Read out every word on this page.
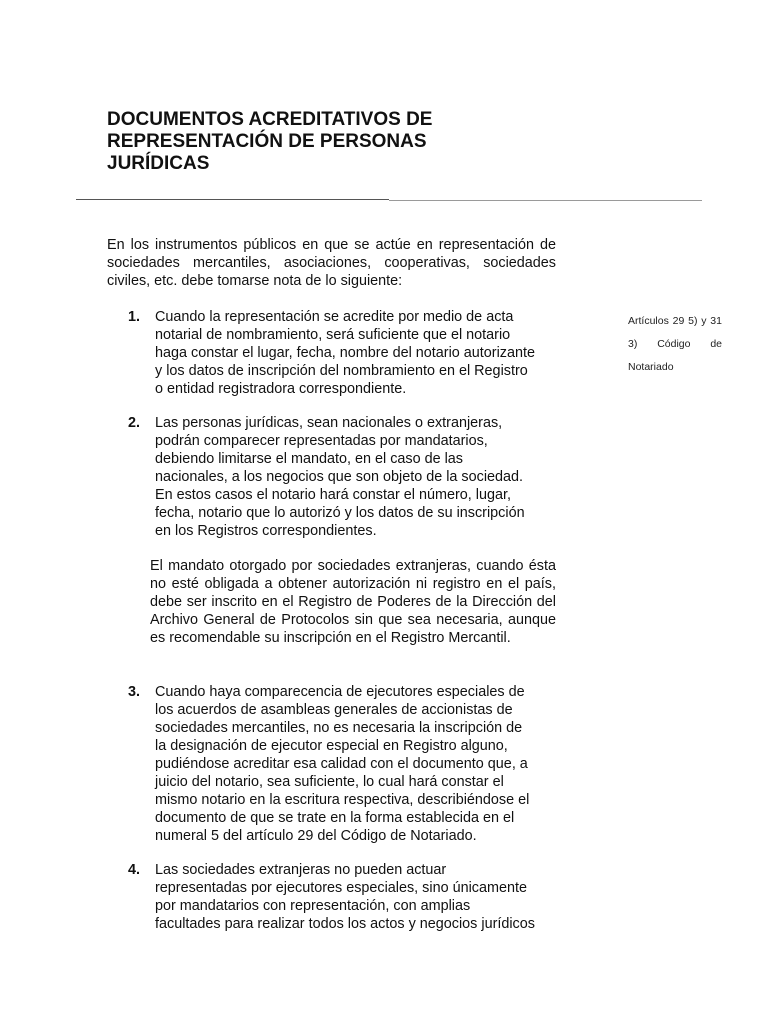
DOCUMENTOS ACREDITATIVOS DE
REPRESENTACIÓN DE PERSONAS
JURÍDICAS

En los instrumentos públicos en que se actúe en representación de sociedades mercantiles, asociaciones, cooperativas, sociedades civiles, etc. debe tomarse nota de lo siguiente:

1. Cuando la representación se acredite por medio de acta
notarial de nombramiento, será suficiente que el notario
haga constar el lugar, fecha, nombre del notario autorizante
y los datos de inscripción del nombramiento en el Registro
o entidad registradora correspondiente.

Artículos 29 5) y 31 3) Código de Notariado

2. Las personas jurídicas, sean nacionales o extranjeras,
podrán comparecer representadas por mandatarios,
debiendo limitarse el mandato, en el caso de las
nacionales, a los negocios que son objeto de la sociedad.
En estos casos el notario hará constar el número, lugar,
fecha, notario que lo autorizó y los datos de su inscripción
en los Registros correspondientes.

El mandato otorgado por sociedades extranjeras, cuando ésta no esté obligada a obtener autorización ni registro en el país, debe ser inscrito en el Registro de Poderes de la Dirección del Archivo General de Protocolos sin que sea necesaria, aunque es recomendable su inscripción en el Registro Mercantil.

3. Cuando haya comparecencia de ejecutores especiales de
los acuerdos de asambleas generales de accionistas de
sociedades mercantiles, no es necesaria la inscripción de
la designación de ejecutor especial en Registro alguno,
pudiéndose acreditar esa calidad con el documento que, a
juicio del notario, sea suficiente, lo cual hará constar el
mismo notario en la escritura respectiva, describiéndose el
documento de que se trate en la forma establecida en el
numeral 5 del artículo 29 del Código de Notariado.

4. Las sociedades extranjeras no pueden actuar
representadas por ejecutores especiales, sino únicamente
por mandatarios con representación, con amplias
facultades para realizar todos los actos y negocios jurídicos
